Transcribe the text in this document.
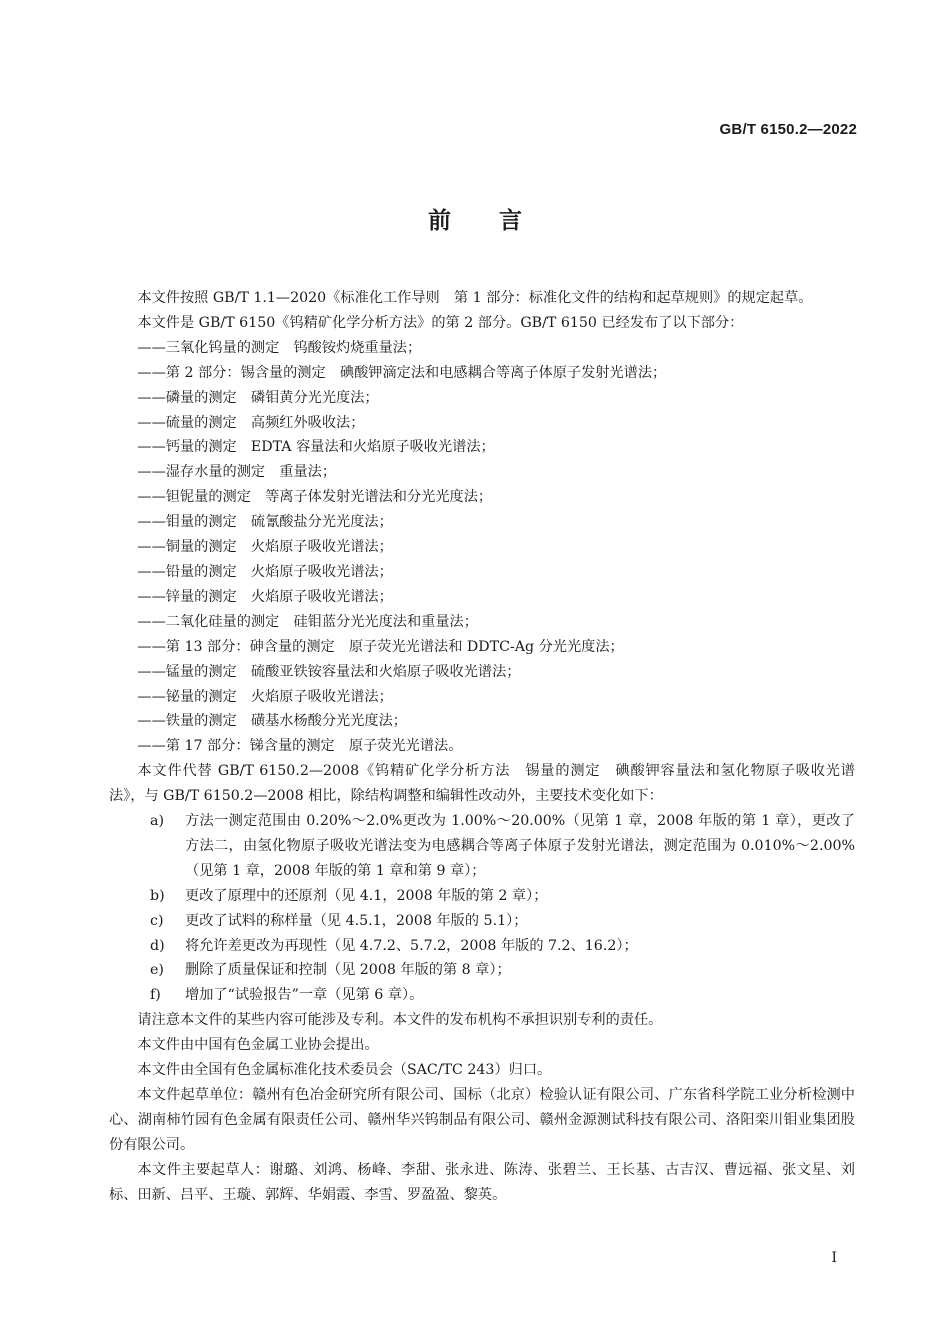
GB/T 6150.2—2022
前言

本文件按照 GB/T 1.1—2020《标准化工作导则　第 1 部分：标准化文件的结构和起草规则》的规定起草。

本文件是 GB/T 6150《钨精矿化学分析方法》的第 2 部分。GB/T 6150 已经发布了以下部分：

——三氧化钨量的测定　钨酸铵灼烧重量法；

——第 2 部分：锡含量的测定　碘酸钾滴定法和电感耦合等离子体原子发射光谱法；

——磷量的测定　磷钼黄分光光度法；

——硫量的测定　高频红外吸收法；

——钙量的测定　EDTA 容量法和火焰原子吸收光谱法；

——湿存水量的测定　重量法；

——钽铌量的测定　等离子体发射光谱法和分光光度法；

——钼量的测定　硫氰酸盐分光光度法；

——铜量的测定　火焰原子吸收光谱法；

——铅量的测定　火焰原子吸收光谱法；

——锌量的测定　火焰原子吸收光谱法；

——二氧化硅量的测定　硅钼蓝分光光度法和重量法；

——第 13 部分：砷含量的测定　原子荧光光谱法和 DDTC-Ag 分光光度法；

——锰量的测定　硫酸亚铁铵容量法和火焰原子吸收光谱法；

——铋量的测定　火焰原子吸收光谱法；

——铁量的测定　磺基水杨酸分光光度法；

——第 17 部分：锑含量的测定　原子荧光光谱法。

本文件代替 GB/T 6150.2—2008《钨精矿化学分析方法　锡量的测定　碘酸钾容量法和氢化物原子吸收光谱法》，与 GB/T 6150.2—2008 相比，除结构调整和编辑性改动外，主要技术变化如下：

a) 方法一测定范围由 0.20%～2.0%更改为 1.00%～20.00%（见第 1 章，2008 年版的第 1 章），更改了方法二，由氢化物原子吸收光谱法变为电感耦合等离子体原子发射光谱法，测定范围为 0.010%～2.00%（见第 1 章，2008 年版的第 1 章和第 9 章）；
b) 更改了原理中的还原剂（见 4.1，2008 年版的第 2 章）；
c) 更改了试料的称样量（见 4.5.1，2008 年版的 5.1）；
d) 将允许差更改为再现性（见 4.7.2、5.7.2，2008 年版的 7.2、16.2）；
e) 删除了质量保证和控制（见 2008 年版的第 8 章）；
f) 增加了“试验报告”一章（见第 6 章）。

请注意本文件的某些内容可能涉及专利。本文件的发布机构不承担识别专利的责任。

本文件由中国有色金属工业协会提出。

本文件由全国有色金属标准化技术委员会（SAC/TC 243）归口。

本文件起草单位：赣州有色冶金研究所有限公司、国标（北京）检验认证有限公司、广东省科学院工业分析检测中心、湖南柿竹园有色金属有限责任公司、赣州华兴钨制品有限公司、赣州金源测试科技有限公司、洛阳栾川钼业集团股份有限公司。

本文件主要起草人：谢璐、刘鸿、杨峰、李甜、张永进、陈涛、张碧兰、王长基、古吉汉、曹远福、张文星、刘标、田新、吕平、王璇、郭辉、华娟霞、李雪、罗盈盈、黎英。

I
